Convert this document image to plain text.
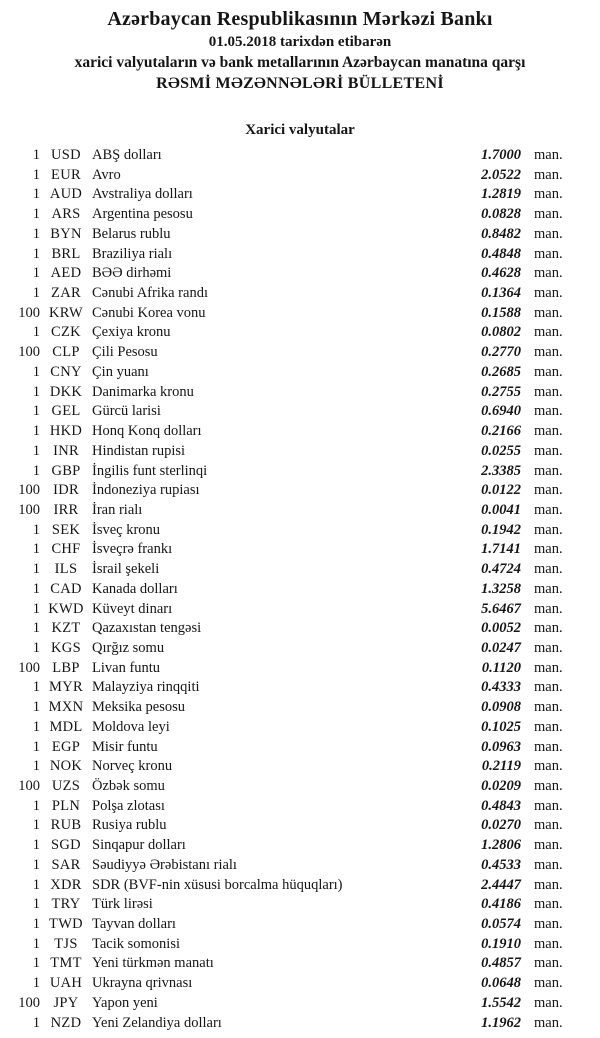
Azərbaycan Respublikasının Mərkəzi Bankı
01.05.2018 tarixdən etibarən
xarici valyutaların və bank metallarının Azərbaycan manatına qarşı
RƏSMİ MƏZƏNNƏLƏRİ BÜLLETENİ
Xarici valyutalar
1 USD ABŞ dolları	1.7000 man.
1 EUR Avro	2.0522 man.
1 AUD Avstraliya dolları	1.2819 man.
1 ARS Argentina pesosu	0.0828 man.
1 BYN Belarus rublu	0.8482 man.
1 BRL Braziliya rialı	0.4848 man.
1 AED BƏƏ dirhəmi	0.4628 man.
1 ZAR Cənubi Afrika randı	0.1364 man.
100 KRW Cənubi Korea vonu	0.1588 man.
1 CZK Çexiya kronu	0.0802 man.
100 CLP Çili Pesosu	0.2770 man.
1 CNY Çin yuanı	0.2685 man.
1 DKK Danimarka kronu	0.2755 man.
1 GEL Gürcü larisi	0.6940 man.
1 HKD Honq Konq dolları	0.2166 man.
1 INR Hindistan rupisi	0.0255 man.
1 GBP İngilis funt sterlinqi	2.3385 man.
100 IDR İndoneziya rupiası	0.0122 man.
100 IRR İran rialı	0.0041 man.
1 SEK İsveç kronu	0.1942 man.
1 CHF İsveçrə frankı	1.7141 man.
1	ILS	İsrail şekeli	0.4724 man.
1 CAD Kanada dolları	1.3258 man.
1 KWD Küveyt dinarı	5.6467 man.
1 KZT Qazaxıstan tengəsi	0.0052 man.
1 KGS Qırğız somu	0.0247 man.
100 LBP Livan funtu	0.1120 man.
1 MYR Malayziya rinqqiti	0.4333 man.
1 MXN Meksika pesosu	0.0908 man.
1 MDL Moldova leyi	0.1025 man.
1 EGP Misir funtu	0.0963 man.
1 NOK Norveç kronu	0.2119 man.
100 UZS Özbək somu	0.0209 man.
1 PLN Polşa zlotası	0.4843 man.
1 RUB Rusiya rublu	0.0270 man.
1 SGD Sinqapur dolları	1.2806 man.
1 SAR Səudiyyə Ərəbistanı rialı	0.4533 man.
1 XDR SDR (BVF-nin xüsusi borcalma hüquqları)	2.4447 man.
1 TRY Türk lirəsi	0.4186 man.
1 TWD Tayvan dolları	0.0574 man.
1 TJS Tacik somonisi	0.1910 man.
1 TMT Yeni türkmən manatı	0.4857 man.
1 UAH Ukrayna qrivnası	0.0648 man.
100 JPY Yapon yeni	1.5542 man.
1 NZD Yeni Zelandiya dolları	1.1962 man.
